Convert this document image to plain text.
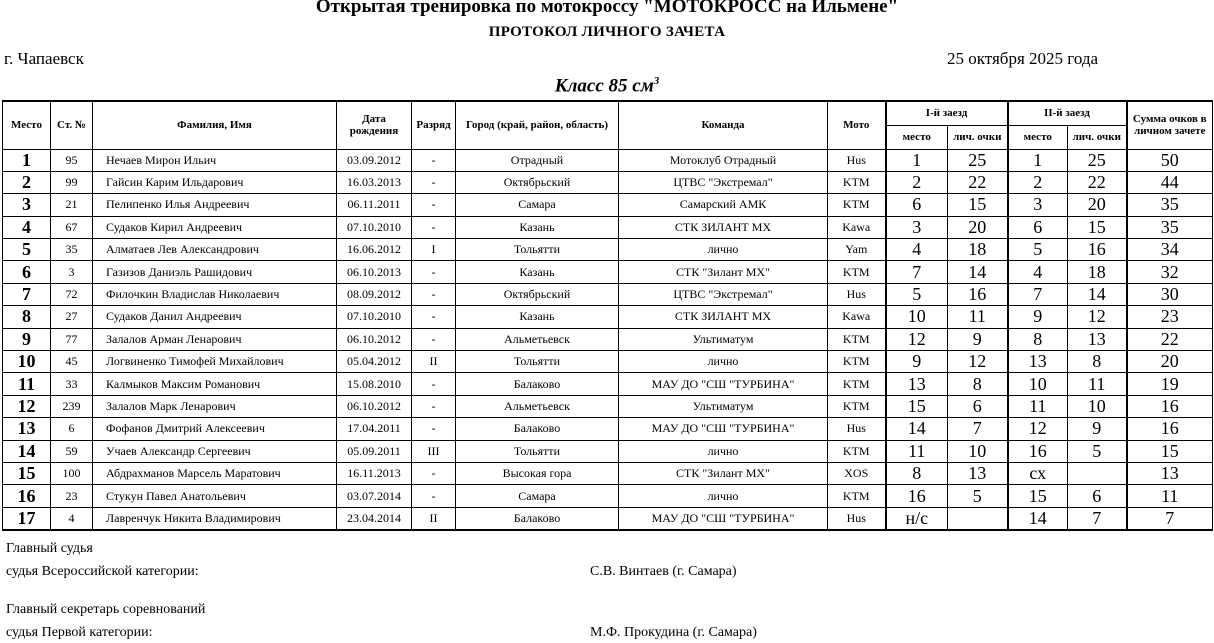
Открытая тренировка по мотокроссу "МОТОКРОСС на Ильмене"
ПРОТОКОЛ ЛИЧНОГО ЗАЧЕТА
г. Чапаевск	25 октября 2025 года
Класс 85 $см^3$
Место	Ст. №	Фамилия, Имя	Дата рождения	Разряд	Город (край, район, область)	Команда	Мото	I-й заезд		II-й заезд		Сумма очков в личном зачете
								место	лич. очки	место	лич. очки	
1	95	Нечаев Мирон Ильич	03.09.2012	-	Отрадный	Мотоклуб Отрадный	Hus	1	25	1	25	50
2	99	Гайсин Карим Ильдарович	16.03.2013	-	Октябрьский	ЦТВС "Экстремал"	KTM	2	22	2	22	44
3	21	Пелипенко Илья Андреевич	06.11.2011	-	Самара	Самарский АМК	KTM	6	15	3	20	35
4	67	Судаков Кирил Андреевич	07.10.2010	-	Казань	СТК ЗИЛАНТ МХ	Kawa	3	20	6	15	35
5	35	Алматаев Лев Александрович	16.06.2012	I	Тольятти	лично	Yam	4	18	5	16	34
6	3	Газизов Даниэль Рашидович	06.10.2013	-	Казань	СТК "Зилант МХ"	KTM	7	14	4	18	32
7	72	Филочкин Владислав Николаевич	08.09.2012	-	Октябрьский	ЦТВС "Экстремал"	Hus	5	16	7	14	30
8	27	Судаков Данил Андреевич	07.10.2010	-	Казань	СТК ЗИЛАНТ МХ	Kawa	10	11	9	12	23
9	77	Залалов Арман Ленарович	06.10.2012	-	Альметьевск	Ультиматум	KTM	12	9	8	13	22
10	45	Логвиненко Тимофей Михайлович	05.04.2012	II	Тольятти	лично	KTM	9	12	13	8	20
11	33	Калмыков Максим Романович	15.08.2010	-	Балаково	МАУ ДО "СШ "ТУРБИНА"	KTM	13	8	10	11	19
12	239	Залалов Марк Ленарович	06.10.2012	-	Альметьевск	Ультиматум	KTM	15	6	11	10	16
13	6	Фофанов Дмитрий Алексеевич	17.04.2011	-	Балаково	МАУ ДО "СШ "ТУРБИНА"	Hus	14	7	12	9	16
14	59	Учаев Александр Сергеевич	05.09.2011	III	Тольятти	лично	KTM	11	10	16	5	15
15	100	Абдрахманов Марсель Маратович	16.11.2013	-	Высокая гора	СТК "Зилант МХ"	XOS	8	13	сх		13
16	23	Стукун Павел Анатольевич	03.07.2014	-	Самара	лично	KTM	16	5	15	6	11
17	4	Лавренчук Никита Владимирович	23.04.2014	II	Балаково	МАУ ДО "СШ "ТУРБИНА"	Hus	н/с		14	7	7
Главный судья
судья Всероссийской категории:	С.В. Винтаев (г. Самара)
Главный секретарь соревнований
судья Первой категории:	М.Ф. Прокудина (г. Самара)
